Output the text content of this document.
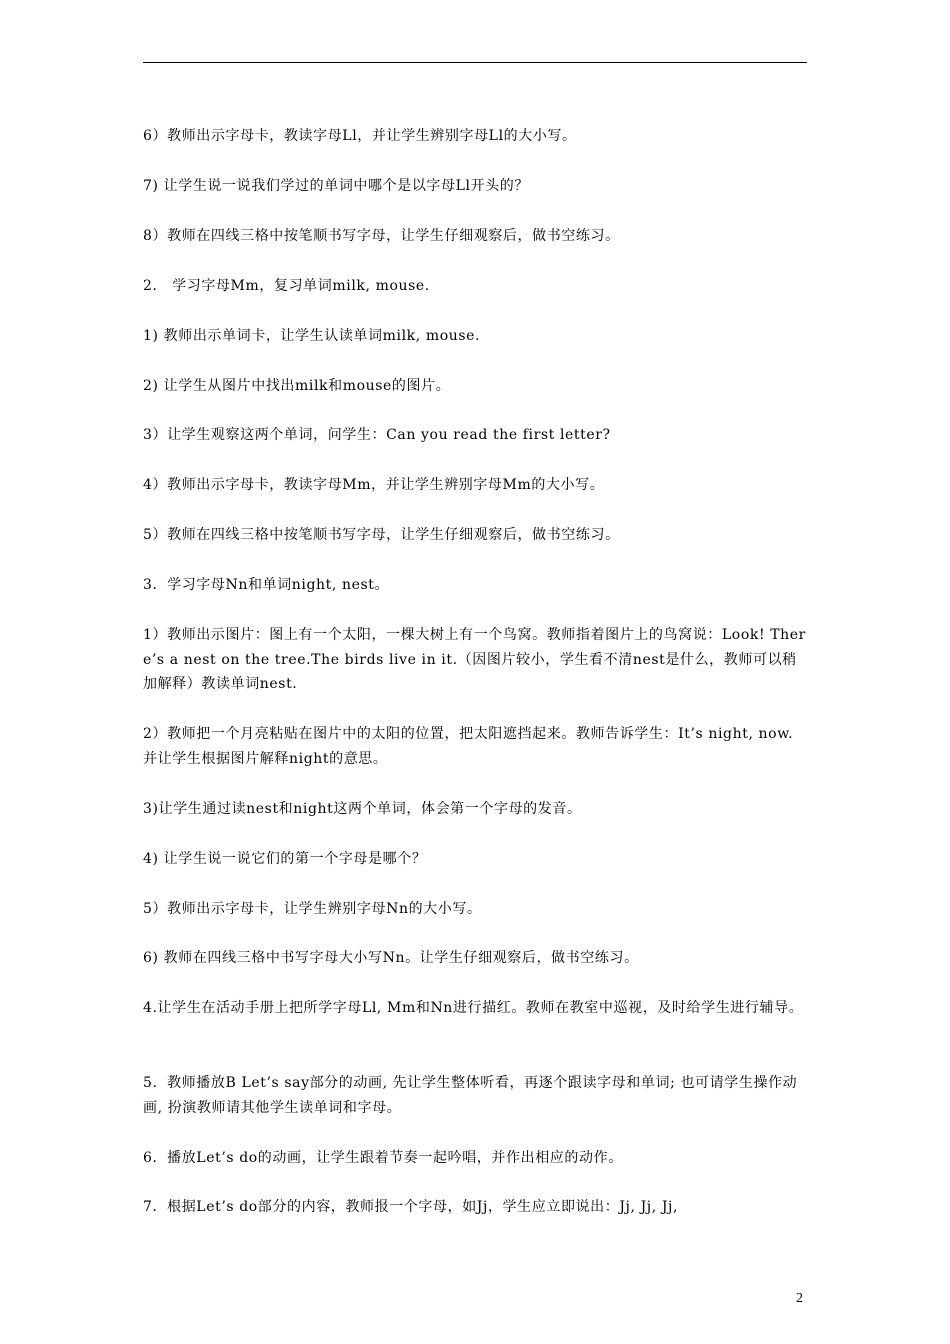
6）教师出示字母卡，教读字母Ll，并让学生辨别字母Ll的大小写。
7) 让学生说一说我们学过的单词中哪个是以字母Ll开头的？
8）教师在四线三格中按笔顺书写字母，让学生仔细观察后，做书空练习。
2． 学习字母Mm，复习单词milk, mouse.
1) 教师出示单词卡，让学生认读单词milk, mouse.
2) 让学生从图片中找出milk和mouse的图片。
3）让学生观察这两个单词，问学生：Can you read the first letter?
4）教师出示字母卡，教读字母Mm，并让学生辨别字母Mm的大小写。
5）教师在四线三格中按笔顺书写字母，让学生仔细观察后，做书空练习。
3．学习字母Nn和单词night, nest。
1）教师出示图片：图上有一个太阳，一棵大树上有一个鸟窝。教师指着图片上的鸟窝说：Look! There’s a nest on the tree.The birds live in it.（因图片较小，学生看不清nest是什么，教师可以稍加解释）教读单词nest.
2）教师把一个月亮粘贴在图片中的太阳的位置，把太阳遮挡起来。教师告诉学生：It’s night, now.并让学生根据图片解释night的意思。
3)让学生通过读nest和night这两个单词，体会第一个字母的发音。
4) 让学生说一说它们的第一个字母是哪个？
5）教师出示字母卡，让学生辨别字母Nn的大小写。
6) 教师在四线三格中书写字母大小写Nn。让学生仔细观察后，做书空练习。
4.让学生在活动手册上把所学字母Ll, Mm和Nn进行描红。教师在教室中巡视，及时给学生进行辅导。
5．教师播放B Let’s say部分的动画, 先让学生整体听看，再逐个跟读字母和单词; 也可请学生操作动画, 扮演教师请其他学生读单词和字母。
6．播放Let’s do的动画，让学生跟着节奏一起吟唱，并作出相应的动作。
7．根据Let’s do部分的内容，教师报一个字母，如Jj，学生应立即说出：Jj, Jj, Jj,
2
